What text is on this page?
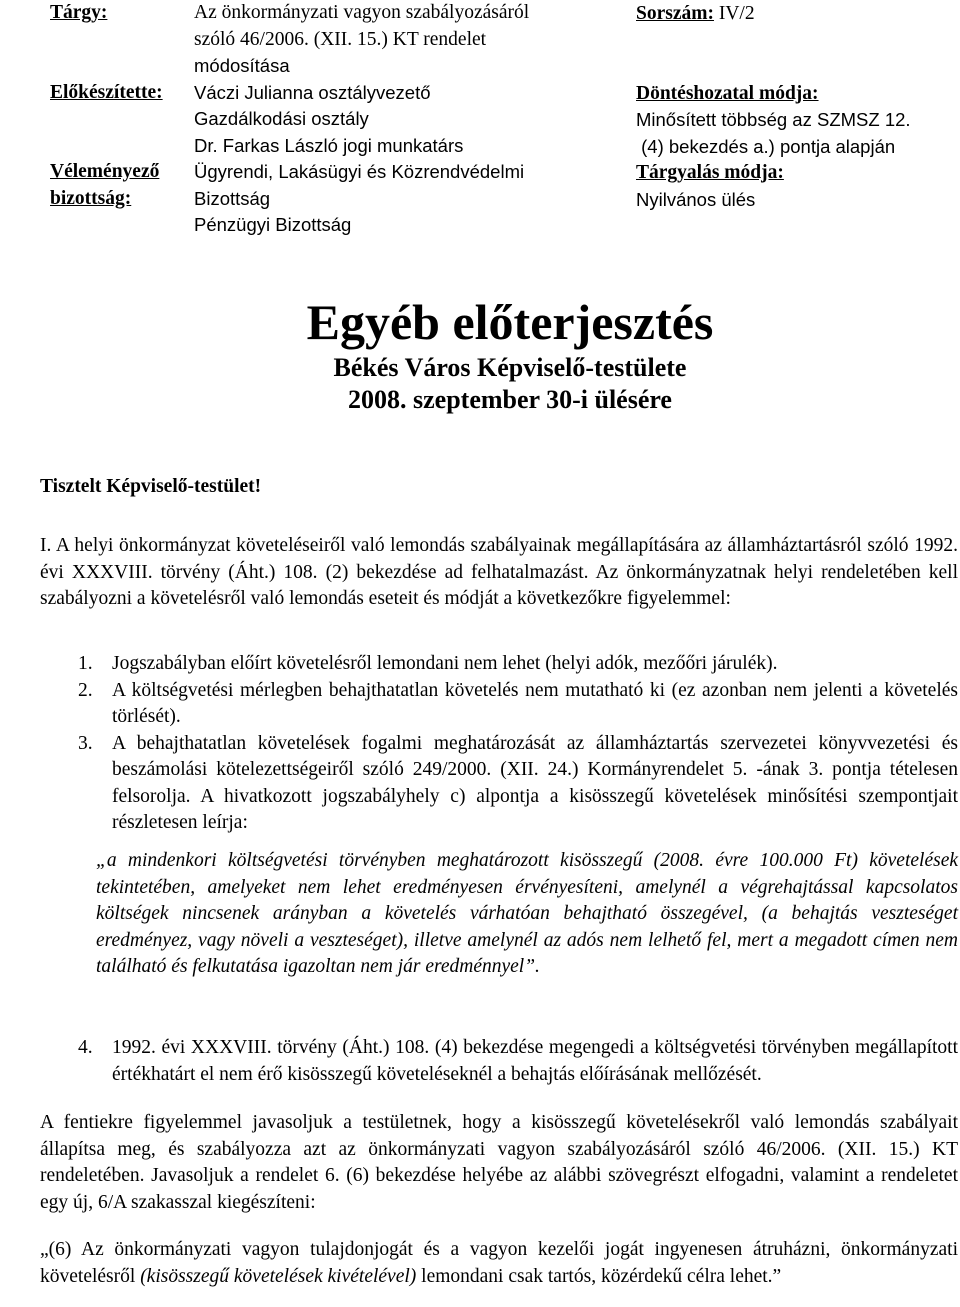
Tárgy:

Előkészítette:

Véleményező
bizottság:
Az önkormányzati vagyon szabályozásáról
szóló 46/2006. (XII. 15.) KT rendelet
módosítása
Váczi Julianna osztályvezető
Gazdálkodási osztály
Dr. Farkas László jogi munkatárs
Ügyrendi, Lakásügyi és Közrendvédelmi
Bizottság
Pénzügyi Bizottság
Sorszám: IV/2

Döntéshozatal módja:
Minősített többség az SZMSZ 12.
(4) bekezdés a.) pontja alapján
Tárgyalás módja:
Nyilvános ülés
Egyéb előterjesztés
Békés Város Képviselő-testülete
2008. szeptember 30-i ülésére
Tisztelt Képviselő-testület!
I. A helyi önkormányzat követeléseiről való lemondás szabályainak megállapítására az államháztartásról szóló 1992. évi XXXVIII. törvény (Áht.) 108. (2) bekezdése ad felhatalmazást. Az önkormányzatnak helyi rendeletében kell szabályozni a követelésről való lemondás eseteit és módját a következőkre figyelemmel:
1. Jogszabályban előírt követelésről lemondani nem lehet (helyi adók, mezőőri járulék).
2. A költségvetési mérlegben behajthatatlan követelés nem mutatható ki (ez azonban nem jelenti a követelés törlését).
3. A behajthatatlan követelések fogalmi meghatározását az államháztartás szervezetei könyvvezetési és beszámolási kötelezettségeiről szóló 249/2000. (XII. 24.) Kormányrendelet 5. -ának 3. pontja tételesen felsorolja. A hivatkozott jogszabályhely c) alpontja a kisösszegű követelések minősítési szempontjait részletesen leírja:
„a mindenkori költségvetési törvényben meghatározott kisösszegű (2008. évre 100.000 Ft) követelések tekintetében, amelyeket nem lehet eredményesen érvényesíteni, amelynél a végrehajtással kapcsolatos költségek nincsenek arányban a követelés várhatóan behajtható összegével, (a behajtás veszteséget eredményez, vagy növeli a veszteséget), illetve amelynél az adós nem lelhető fel, mert a megadott címen nem található és felkutatása igazoltan nem jár eredménnyel”.
4. 1992. évi XXXVIII. törvény (Áht.) 108. (4) bekezdése megengedi a költségvetési törvényben megállapított értékhatárt el nem érő kisösszegű követeléseknél a behajtás előírásának mellőzését.
A fentiekre figyelemmel javasoljuk a testületnek, hogy a kisösszegű követelésekről való lemondás szabályait állapítsa meg, és szabályozza azt az önkormányzati vagyon szabályozásáról szóló 46/2006. (XII. 15.) KT rendeletében. Javasoljuk a rendelet 6. (6) bekezdése helyébe az alábbi szövegrészt elfogadni, valamint a rendeletet egy új, 6/A szakasszal kiegészíteni:
„(6) Az önkormányzati vagyon tulajdonjogát és a vagyon kezelői jogát ingyenesen átruházni, önkormányzati követelésről (kisösszegű követelések kivételével) lemondani csak tartós, közérdekű célra lehet.”
